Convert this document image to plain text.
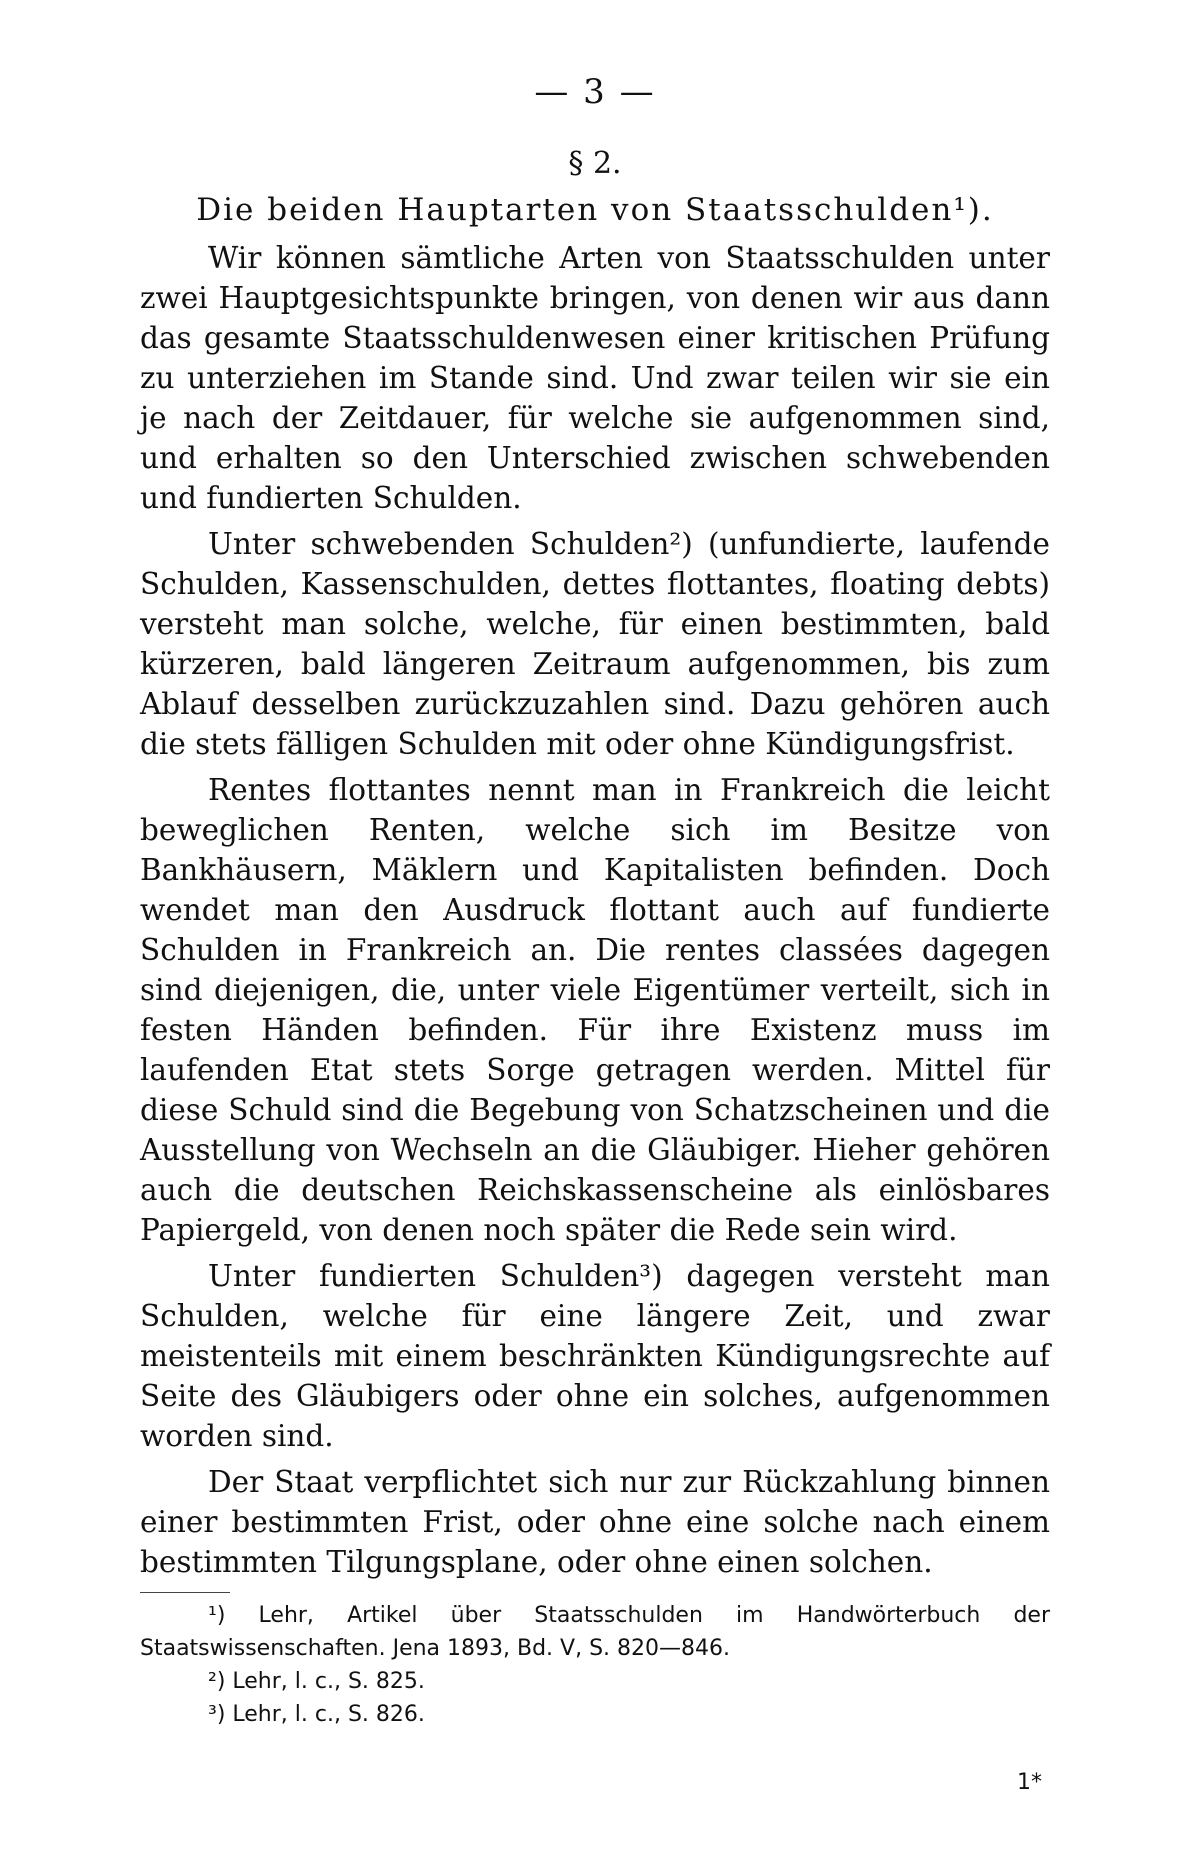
— 3 —
§ 2.
Die beiden Hauptarten von Staatsschulden¹).

Wir können sämtliche Arten von Staatsschulden unter zwei Hauptgesichtspunkte bringen, von denen wir aus dann das gesamte Staatsschuldenwesen einer kritischen Prüfung zu unterziehen im Stande sind. Und zwar teilen wir sie ein je nach der Zeitdauer, für welche sie aufgenommen sind, und erhalten so den Unterschied zwischen schwebenden und fundierten Schulden.

Unter schwebenden Schulden²) (unfundierte, laufende Schulden, Kassenschulden, dettes flottantes, floating debts) versteht man solche, welche, für einen bestimmten, bald kürzeren, bald längeren Zeitraum aufgenommen, bis zum Ablauf desselben zurückzuzahlen sind. Dazu gehören auch die stets fälligen Schulden mit oder ohne Kündigungsfrist.

Rentes flottantes nennt man in Frankreich die leicht beweglichen Renten, welche sich im Besitze von Bankhäusern, Mäklern und Kapitalisten befinden. Doch wendet man den Ausdruck flottant auch auf fundierte Schulden in Frankreich an. Die rentes classées dagegen sind diejenigen, die, unter viele Eigentümer verteilt, sich in festen Händen befinden. Für ihre Existenz muss im laufenden Etat stets Sorge getragen werden. Mittel für diese Schuld sind die Begebung von Schatzscheinen und die Ausstellung von Wechseln an die Gläubiger. Hieher gehören auch die deutschen Reichskassenscheine als einlösbares Papiergeld, von denen noch später die Rede sein wird.

Unter fundierten Schulden³) dagegen versteht man Schulden, welche für eine längere Zeit, und zwar meistenteils mit einem beschränkten Kündigungsrechte auf Seite des Gläubigers oder ohne ein solches, aufgenommen worden sind.

Der Staat verpflichtet sich nur zur Rückzahlung binnen einer bestimmten Frist, oder ohne eine solche nach einem bestimmten Tilgungsplane, oder ohne einen solchen.

¹) Lehr, Artikel über Staatsschulden im Handwörterbuch der Staatswissenschaften. Jena 1893, Bd. V, S. 820—846.

²) Lehr, l. c., S. 825.

³) Lehr, l. c., S. 826.

1*
